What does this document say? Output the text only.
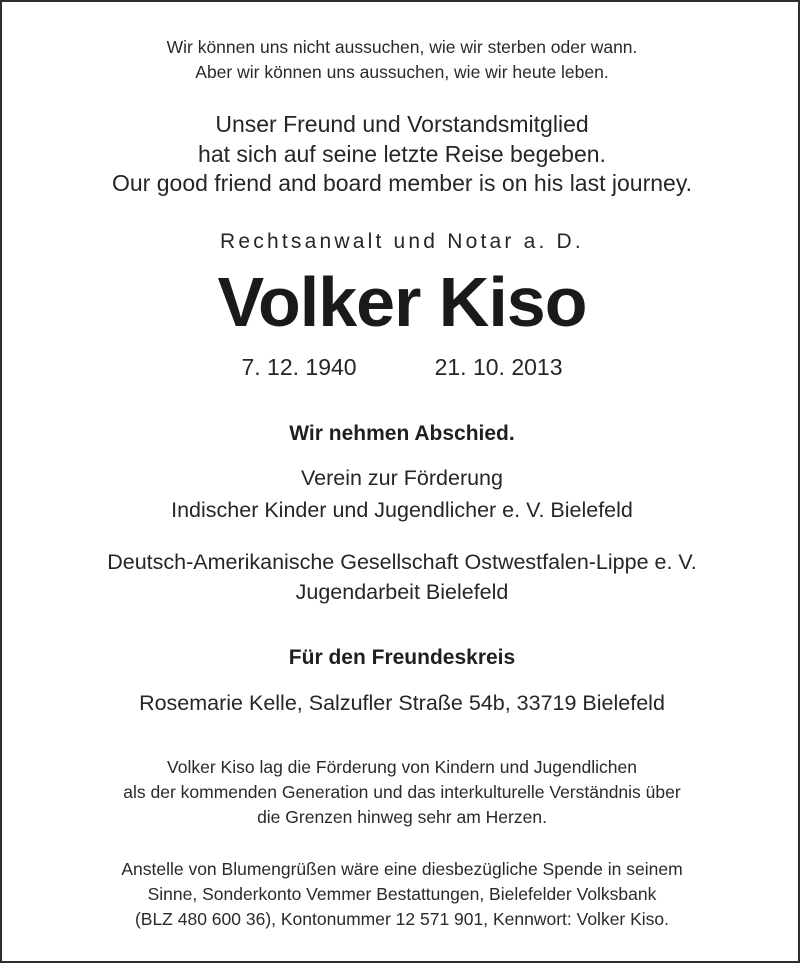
Wir können uns nicht aussuchen, wie wir sterben oder wann.
Aber wir können uns aussuchen, wie wir heute leben.
Unser Freund und Vorstandsmitglied
hat sich auf seine letzte Reise begeben.
Our good friend and board member is on his last journey.
Rechtsanwalt und Notar a. D.
Volker Kiso
7. 12. 1940	21. 10. 2013
Wir nehmen Abschied.
Verein zur Förderung
Indischer Kinder und Jugendlicher e. V. Bielefeld
Deutsch-Amerikanische Gesellschaft Ostwestfalen-Lippe e. V.
Jugendarbeit Bielefeld
Für den Freundeskreis
Rosemarie Kelle, Salzufler Straße 54b, 33719 Bielefeld
Volker Kiso lag die Förderung von Kindern und Jugendlichen
als der kommenden Generation und das interkulturelle Verständnis über
die Grenzen hinweg sehr am Herzen.
Anstelle von Blumengrüßen wäre eine diesbezügliche Spende in seinem
Sinne, Sonderkonto Vemmer Bestattungen, Bielefelder Volksbank
(BLZ 480 600 36), Kontonummer 12 571 901, Kennwort: Volker Kiso.
